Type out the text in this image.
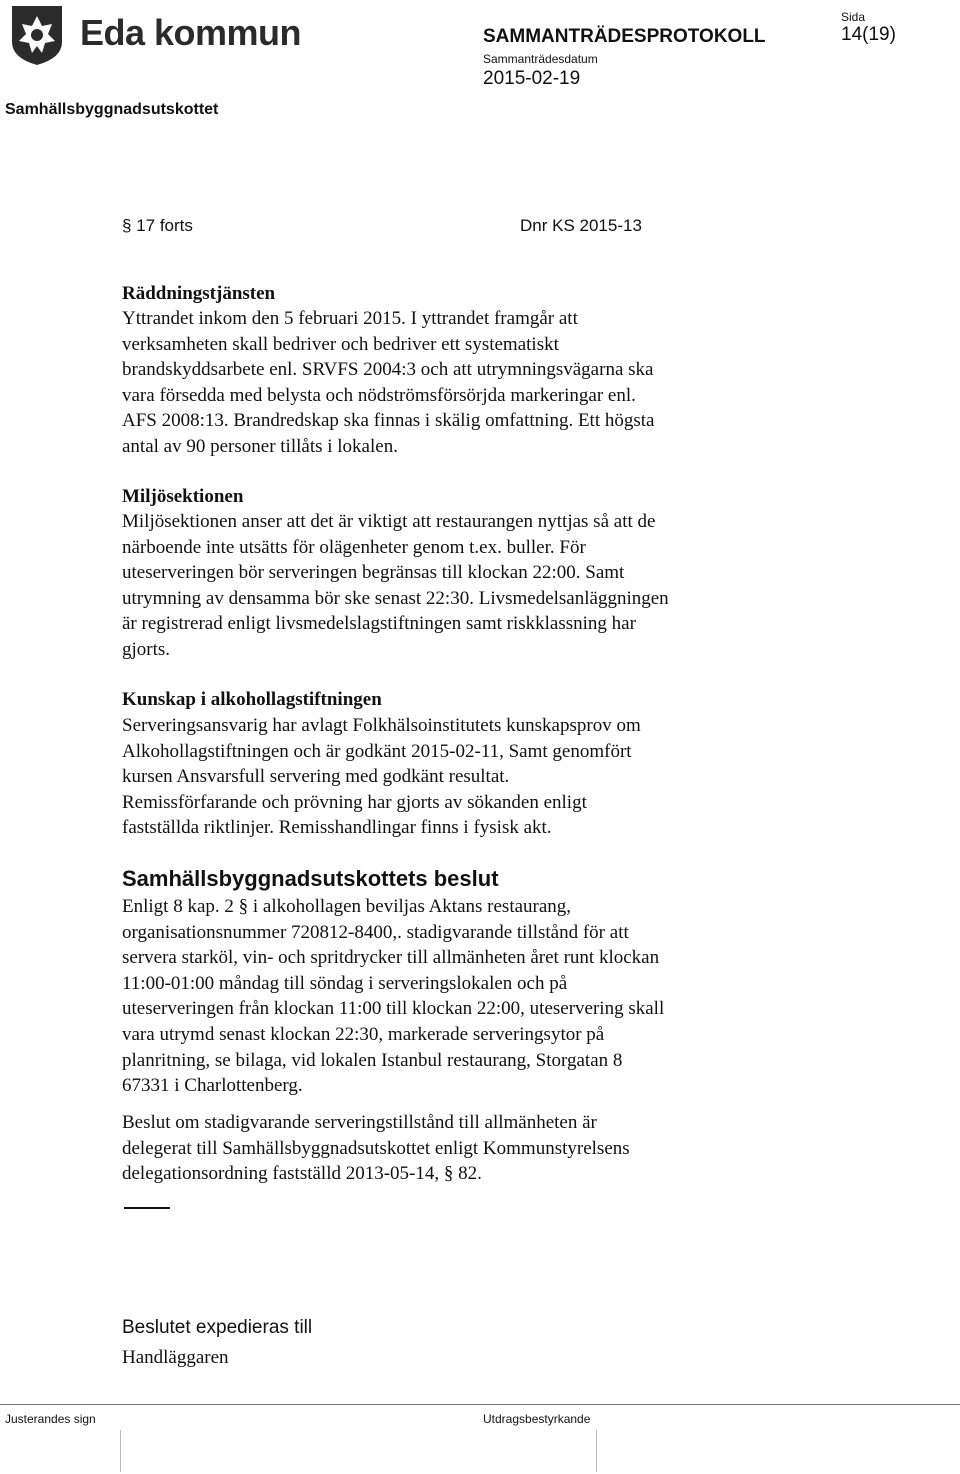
Eda kommun	SAMMANTRÄDESPROTOKOLL
Sammanträdesdatum
2015-02-19
Sida
14(19)
Samhällsbyggnadsutskottet
§ 17 forts	Dnr KS 2015-13
Räddningstjänsten
Yttrandet inkom den 5 februari 2015. I yttrandet framgår att
verksamheten skall bedriver och bedriver ett systematiskt
brandskyddsarbete enl. SRVFS 2004:3 och att utrymningsvägarna ska
vara försedda med belysta och nödströmsförsörjda markeringar enl.
AFS 2008:13. Brandredskap ska finnas i skälig omfattning. Ett högsta
antal av 90 personer tillåts i lokalen.
Miljösektionen
Miljösektionen anser att det är viktigt att restaurangen nyttjas så att de
närboende inte utsätts för olägenheter genom t.ex. buller. För
uteserveringen bör serveringen begränsas till klockan 22:00. Samt
utrymning av densamma bör ske senast 22:30. Livsmedelsanläggningen
är registrerad enligt livsmedelslagstiftningen samt riskklassning har
gjorts.
Kunskap i alkohollagstiftningen
Serveringsansvarig har avlagt Folkhälsoinstitutets kunskapsprov om
Alkohollagstiftningen och är godkänt 2015-02-11, Samt genomfört
kursen Ansvarsfull servering med godkänt resultat.
Remissförfarande och prövning har gjorts av sökanden enligt
fastställda riktlinjer. Remisshandlingar finns i fysisk akt.
Samhällsbyggnadsutskottets beslut
Enligt 8 kap. 2 § i alkohollagen beviljas Aktans restaurang,
organisationsnummer 720812-8400,. stadigvarande tillstånd för att
servera starköl, vin- och spritdrycker till allmänheten året runt klockan
11:00-01:00 måndag till söndag i serveringslokalen och på
uteserveringen från klockan 11:00 till klockan 22:00, uteservering skall
vara utrymd senast klockan 22:30, markerade serveringsytor på
planritning, se bilaga, vid lokalen Istanbul restaurang, Storgatan 8
67331 i Charlottenberg.
Beslut om stadigvarande serveringstillstånd till allmänheten är
delegerat till Samhällsbyggnadsutskottet enligt Kommunstyrelsens
delegationsordning fastställd 2013-05-14, § 82.
Beslutet expedieras till
Handläggaren
Justerandes sign	Utdragsbestyrkande
